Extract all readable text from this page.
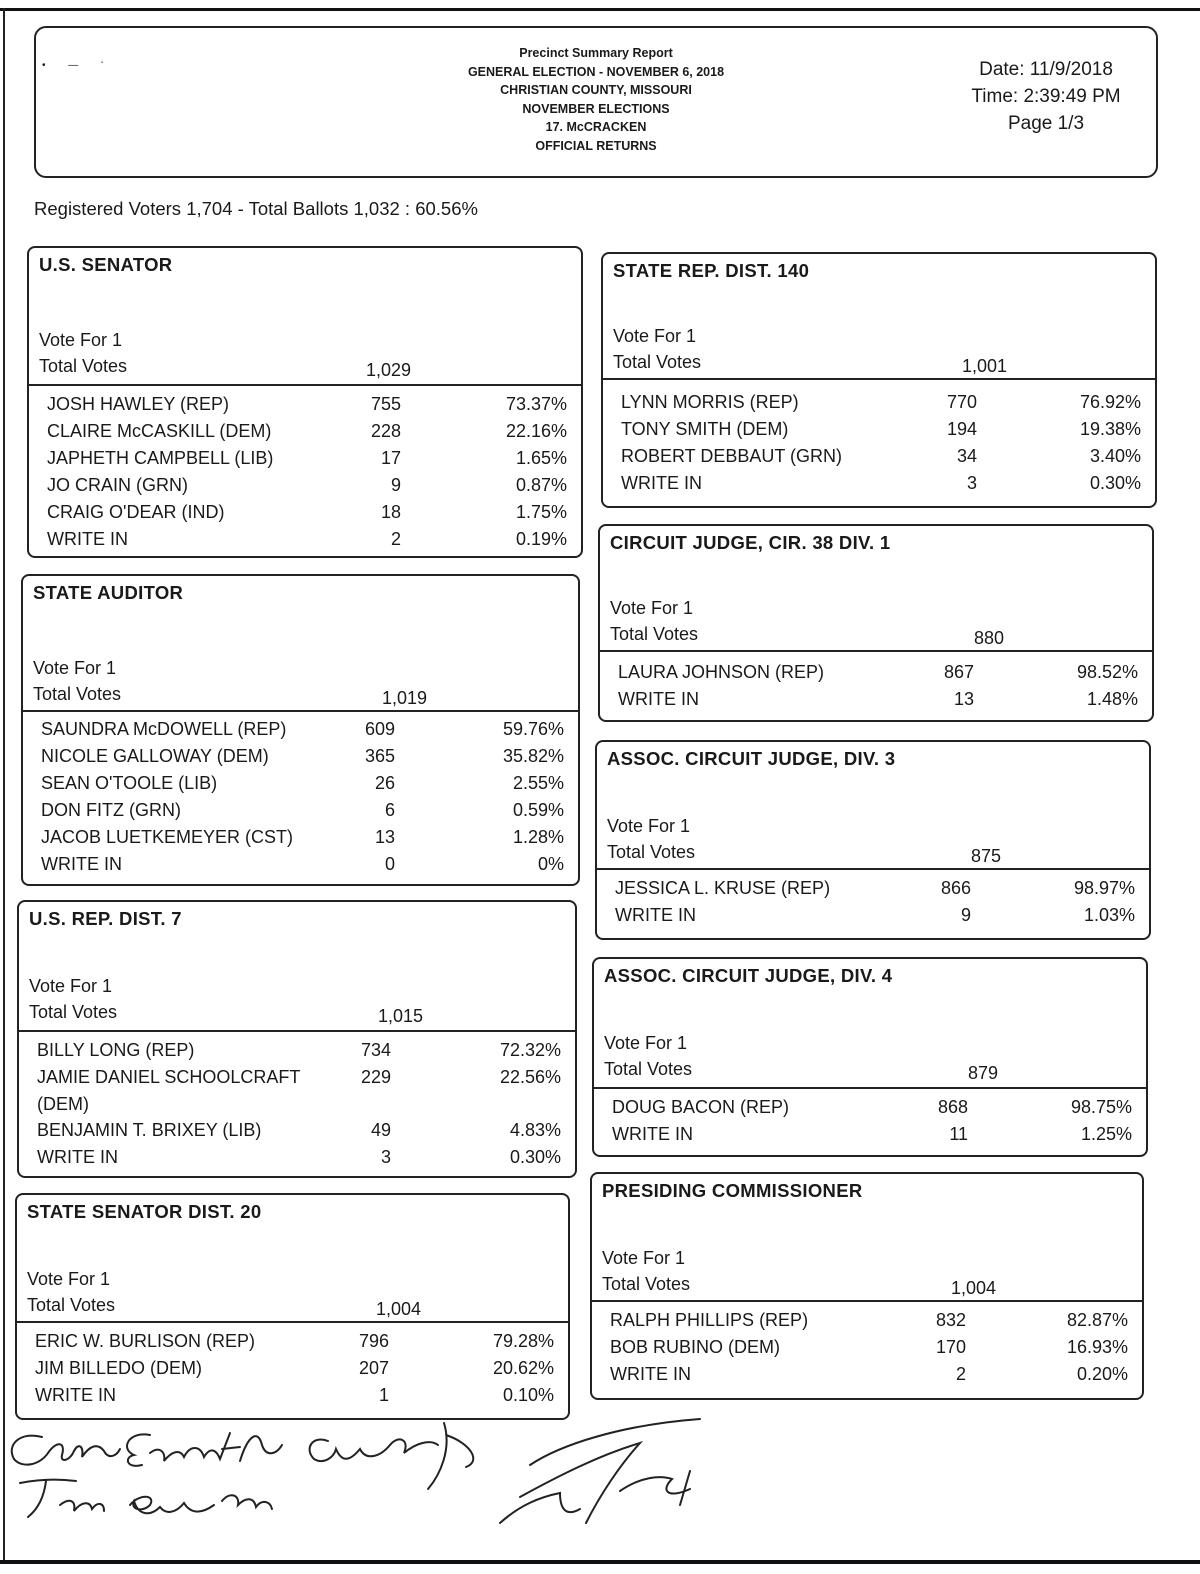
• — ʻ
Precinct Summary Report
GENERAL ELECTION - NOVEMBER 6, 2018
CHRISTIAN COUNTY, MISSOURI
NOVEMBER ELECTIONS
17. McCRACKEN
OFFICIAL RETURNS
Date: 11/9/2018
Time: 2:39:49 PM
Page 1/3
Registered Voters 1,704 - Total Ballots 1,032 : 60.56%
U.S. SENATOR
Vote For 1
Total Votes	1,029
JOSH HAWLEY (REP)	755	73.37%
CLAIRE McCASKILL (DEM)	228	22.16%
JAPHETH CAMPBELL (LIB)	17	1.65%
JO CRAIN (GRN)	9	0.87%
CRAIG O'DEAR (IND)	18	1.75%
WRITE IN	2	0.19%
STATE AUDITOR
Vote For 1
Total Votes	1,019
SAUNDRA McDOWELL (REP)	609	59.76%
NICOLE GALLOWAY (DEM)	365	35.82%
SEAN O'TOOLE (LIB)	26	2.55%
DON FITZ (GRN)	6	0.59%
JACOB LUETKEMEYER (CST)	13	1.28%
WRITE IN	0	0%
U.S. REP. DIST. 7
Vote For 1
Total Votes	1,015
BILLY LONG (REP)	734	72.32%
JAMIE DANIEL SCHOOLCRAFT	229	22.56%
(DEM)
BENJAMIN T. BRIXEY (LIB)	49	4.83%
WRITE IN	3	0.30%
STATE SENATOR DIST. 20
Vote For 1
Total Votes	1,004
ERIC W. BURLISON (REP)	796	79.28%
JIM BILLEDO (DEM)	207	20.62%
WRITE IN	1	0.10%
STATE REP. DIST. 140
Vote For 1
Total Votes	1,001
LYNN MORRIS (REP)	770	76.92%
TONY SMITH (DEM)	194	19.38%
ROBERT DEBBAUT (GRN)	34	3.40%
WRITE IN	3	0.30%
CIRCUIT JUDGE, CIR. 38 DIV. 1
Vote For 1
Total Votes	880
LAURA JOHNSON (REP)	867	98.52%
WRITE IN	13	1.48%
ASSOC. CIRCUIT JUDGE, DIV. 3
Vote For 1
Total Votes	875
JESSICA L. KRUSE (REP)	866	98.97%
WRITE IN	9	1.03%
ASSOC. CIRCUIT JUDGE, DIV. 4
Vote For 1
Total Votes	879
DOUG BACON (REP)	868	98.75%
WRITE IN	11	1.25%
PRESIDING COMMISSIONER
Vote For 1
Total Votes	1,004
RALPH PHILLIPS (REP)	832	82.87%
BOB RUBINO (DEM)	170	16.93%
WRITE IN	2	0.20%
